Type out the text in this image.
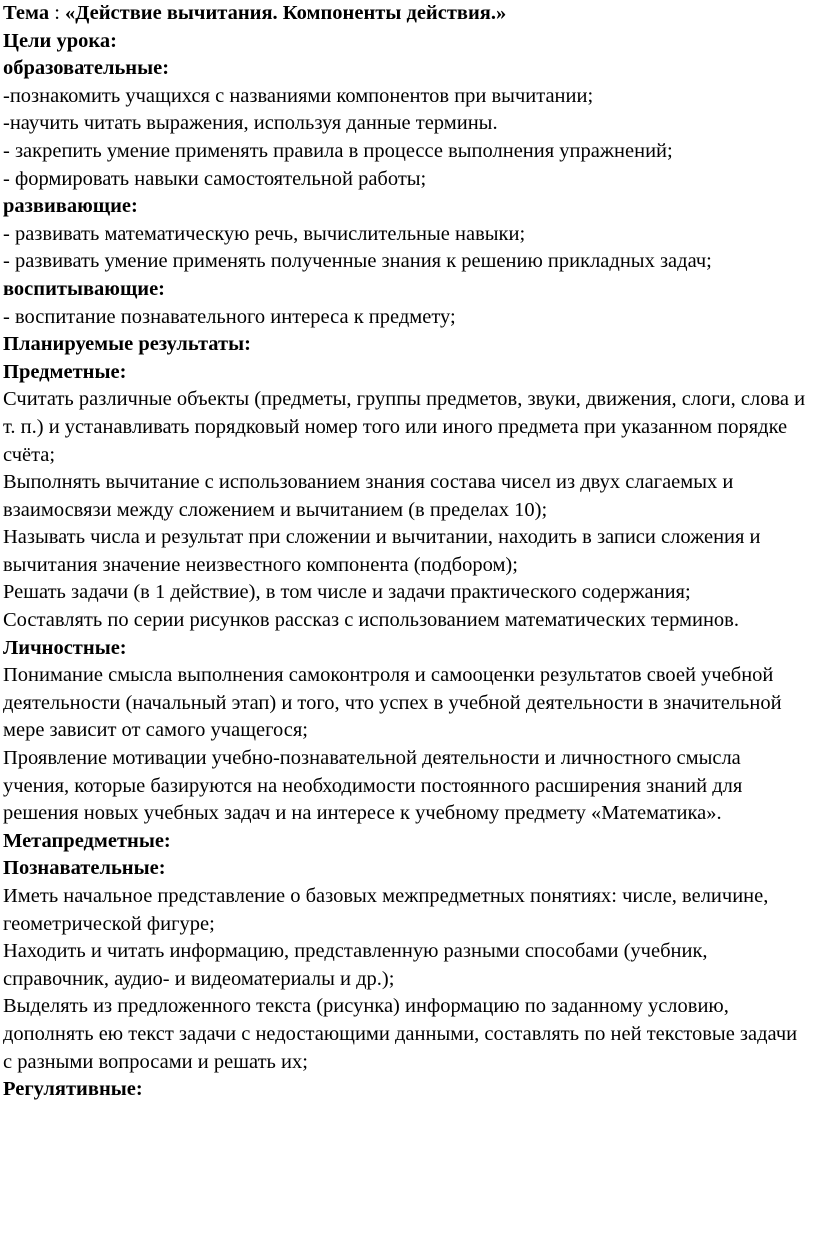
Тема : «Действие вычитания. Компоненты действия.»

Цели урока:

образовательные:

-познакомить учащихся с названиями компонентов при вычитании;

-научить читать выражения, используя данные термины.

- закрепить умение применять правила в процессе выполнения упражнений;

- формировать навыки самостоятельной работы;

развивающие:

- развивать математическую речь, вычислительные навыки;

- развивать умение применять полученные знания к решению прикладных задач;

воспитывающие:

- воспитание познавательного интереса к предмету;

Планируемые результаты:

Предметные:

Считать различные объекты (предметы, группы предметов, звуки, движения, слоги, слова и т. п.) и устанавливать порядковый номер того или иного предмета при указанном порядке счёта;

Выполнять вычитание с использованием знания состава чисел из двух слагаемых и взаимосвязи между сложением и вычитанием (в пределах 10);

Называть числа и результат при сложении и вычитании, находить в записи сложения и вычитания значение неизвестного компонента (подбором);

Решать задачи (в 1 действие), в том числе и задачи практического содержания;

Составлять по серии рисунков рассказ с использованием математических терминов.

Личностные:

Понимание смысла выполнения самоконтроля и самооценки результатов своей учебной деятельности (начальный этап) и того, что успех в учебной деятельности в значительной мере зависит от самого учащегося;

Проявление мотивации учебно-познавательной деятельности и личностного смысла учения, которые базируются на необходимости постоянного расширения знаний для решения новых учебных задач и на интересе к учебному предмету «Математика».

Метапредметные:

Познавательные:

Иметь начальное представление о базовых межпредметных понятиях: числе, величине, геометрической фигуре;

Находить и читать информацию, представленную разными способами (учебник, справочник, аудио- и видеоматериалы и др.);

Выделять из предложенного текста (рисунка) информацию по заданному условию, дополнять ею текст задачи с недостающими данными, составлять по ней текстовые задачи с разными вопросами и решать их;

Регулятивные:
